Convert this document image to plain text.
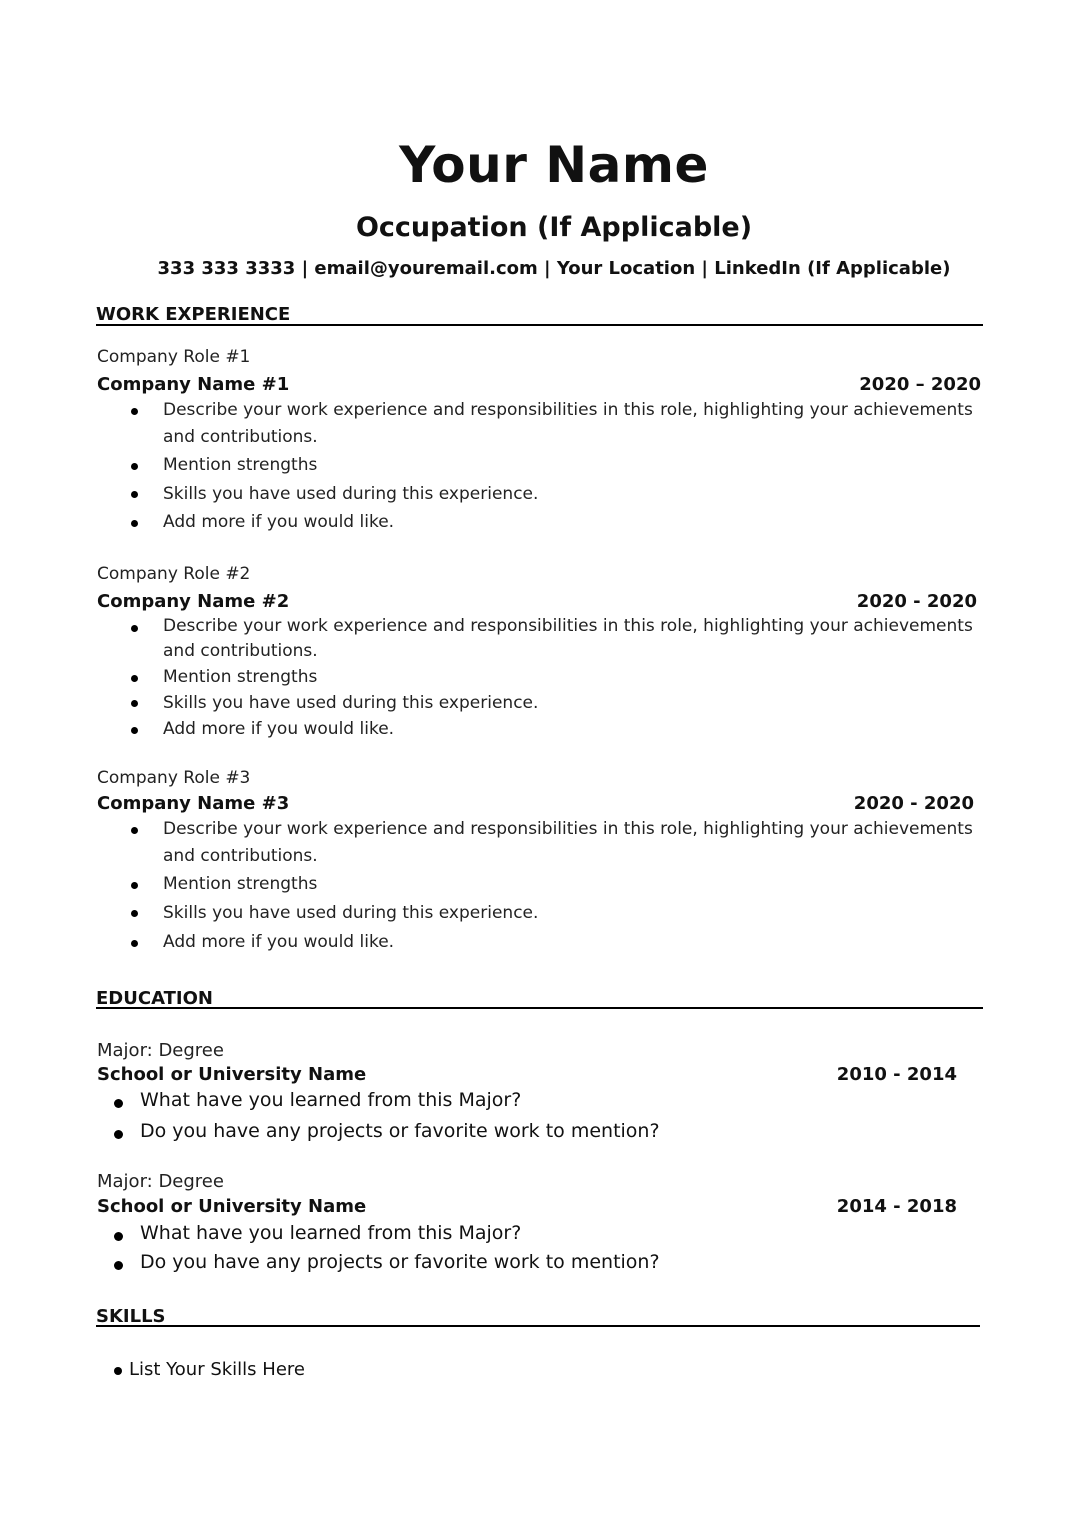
Your Name
Occupation (If Applicable)
333 333 3333 | email@youremail.com | Your Location | LinkedIn (If Applicable)
WORK EXPERIENCE
Company Role #1
Company Name #1	2020 – 2020
Describe your work experience and responsibilities in this role, highlighting your achievements and contributions.
Mention strengths
Skills you have used during this experience.
Add more if you would like.
Company Role #2
Company Name #2	2020 - 2020
Describe your work experience and responsibilities in this role, highlighting your achievements and contributions.
Mention strengths
Skills you have used during this experience.
Add more if you would like.
Company Role #3
Company Name #3	2020 - 2020
Describe your work experience and responsibilities in this role, highlighting your achievements and contributions.
Mention strengths
Skills you have used during this experience.
Add more if you would like.
EDUCATION
Major: Degree
School or University Name	2010 - 2014
What have you learned from this Major?
Do you have any projects or favorite work to mention?
Major: Degree
School or University Name	2014 - 2018
What have you learned from this Major?
Do you have any projects or favorite work to mention?
SKILLS
List Your Skills Here
